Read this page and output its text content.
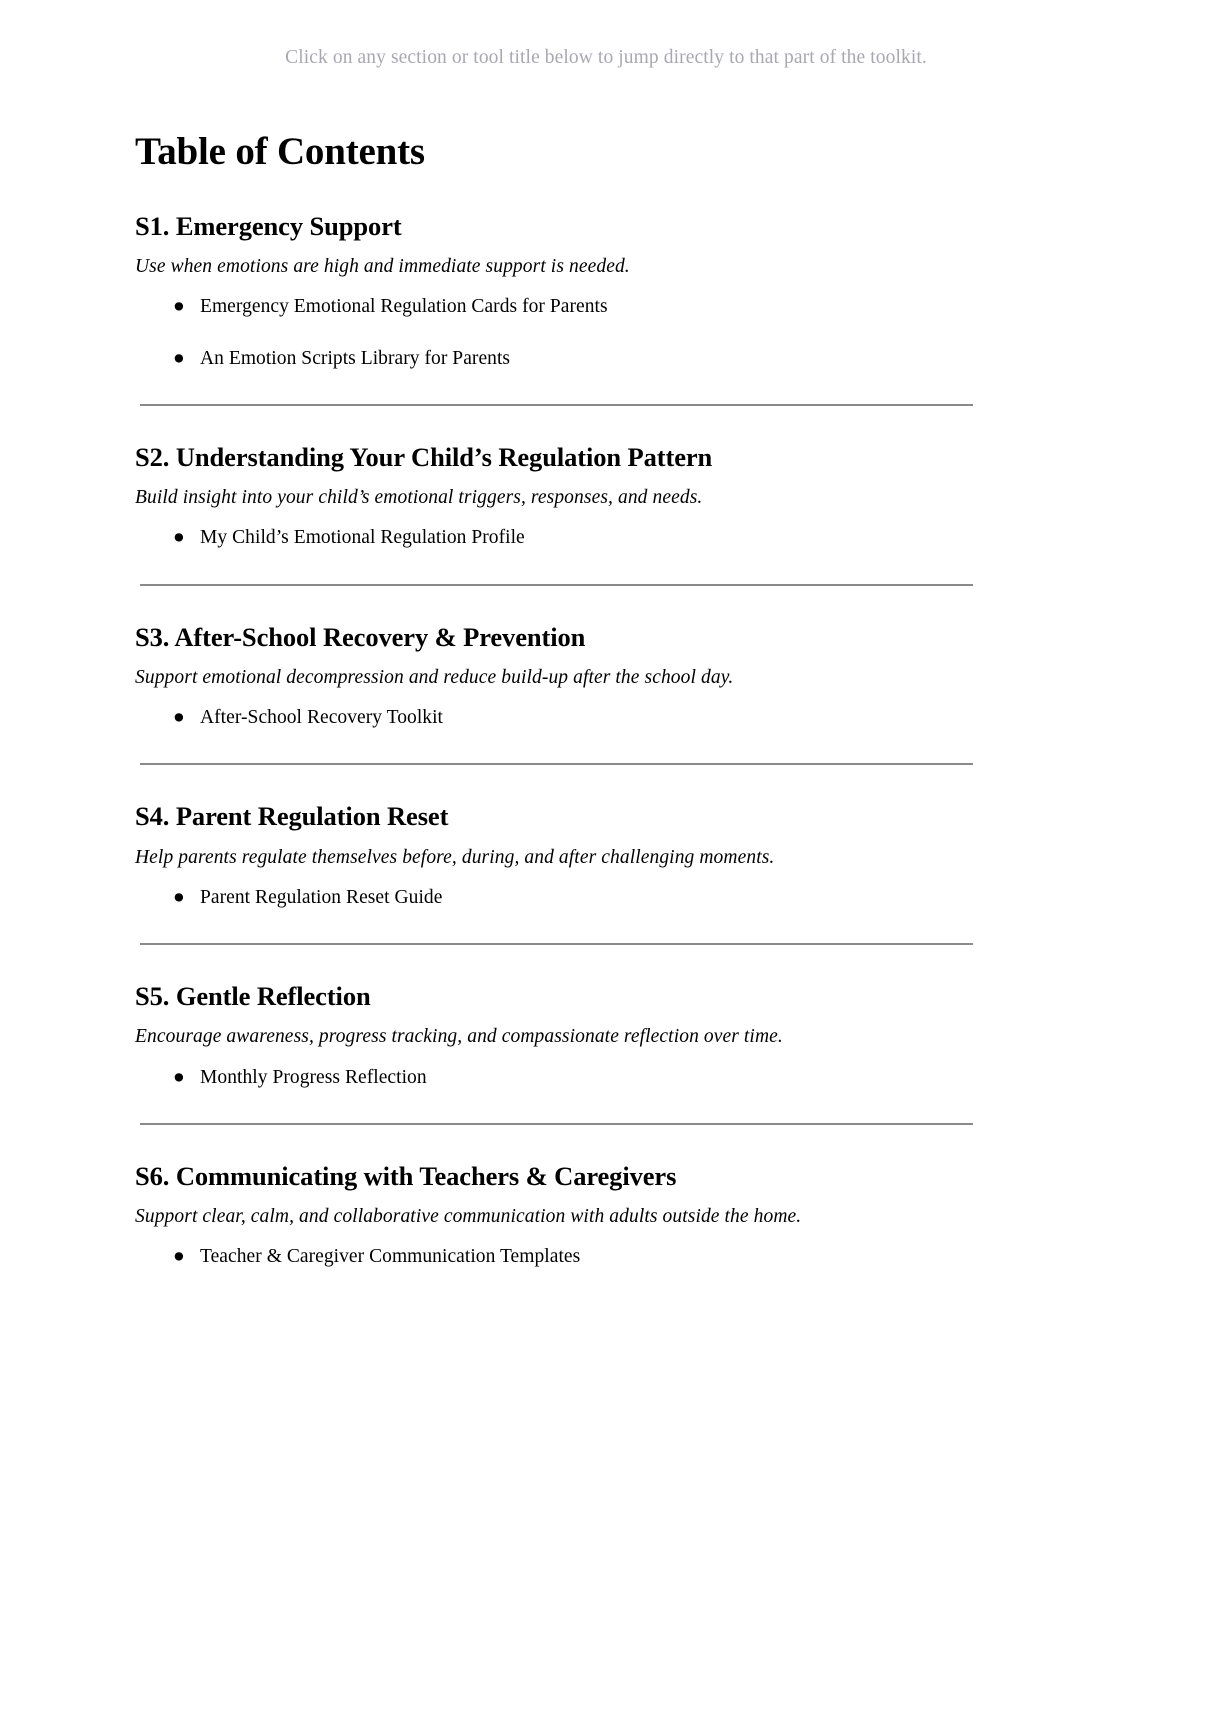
Click on any section or tool title below to jump directly to that part of the toolkit.
Table of Contents
S1. Emergency Support

Use when emotions are high and immediate support is needed.

● Emergency Emotional Regulation Cards for Parents
● An Emotion Scripts Library for Parents
S2. Understanding Your Child’s Regulation Pattern

Build insight into your child’s emotional triggers, responses, and needs.

● My Child’s Emotional Regulation Profile
S3. After-School Recovery & Prevention

Support emotional decompression and reduce build-up after the school day.

● After-School Recovery Toolkit
S4. Parent Regulation Reset

Help parents regulate themselves before, during, and after challenging moments.

● Parent Regulation Reset Guide
S5. Gentle Reflection

Encourage awareness, progress tracking, and compassionate reflection over time.

● Monthly Progress Reflection
S6. Communicating with Teachers & Caregivers

Support clear, calm, and collaborative communication with adults outside the home.

● Teacher & Caregiver Communication Templates
